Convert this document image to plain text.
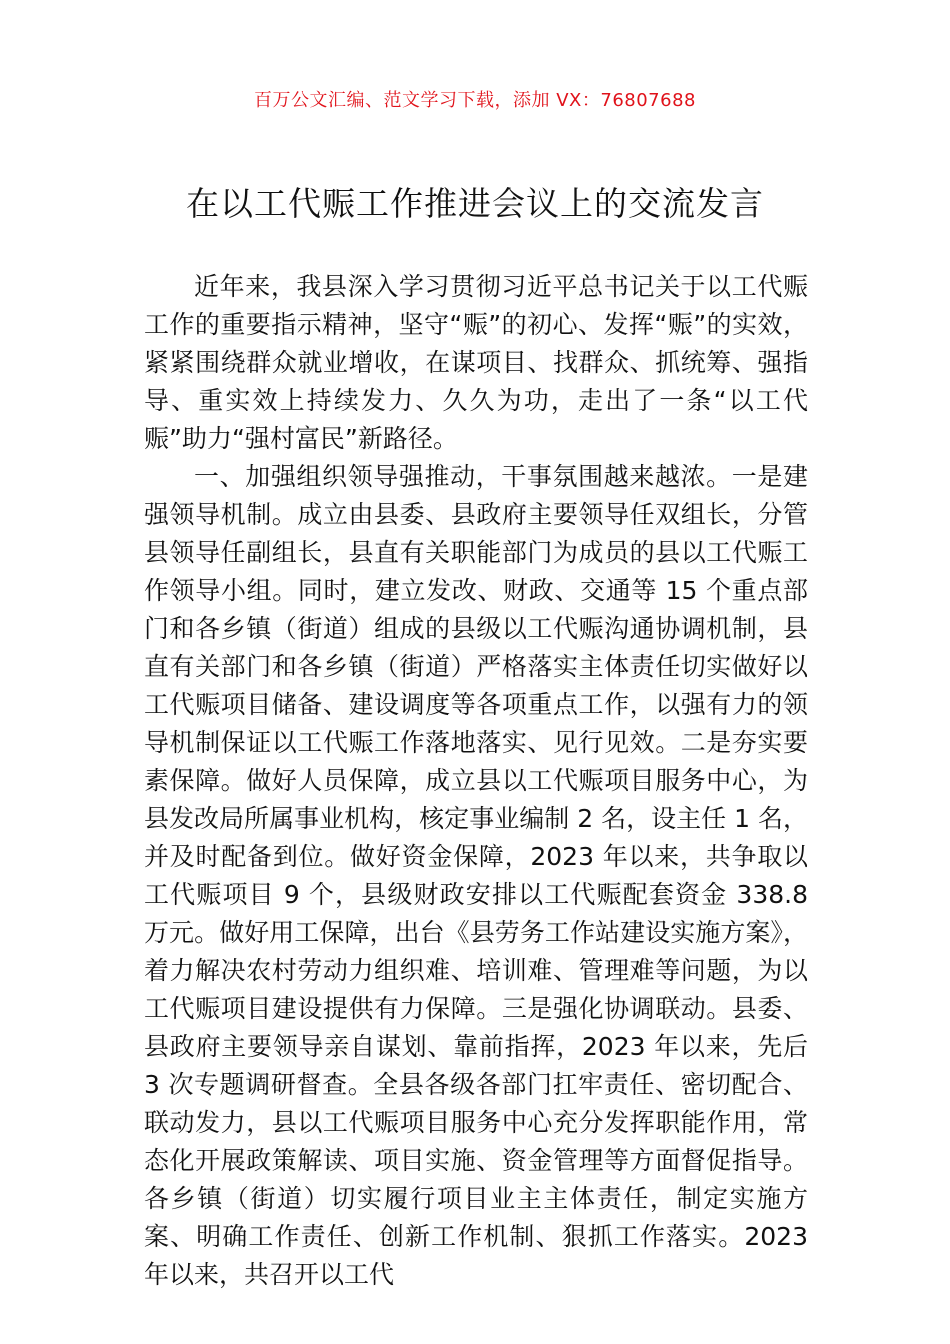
百万公文汇编、范文学习下载，添加 VX：76807688
在以工代赈工作推进会议上的交流发言

近年来，我县深入学习贯彻习近平总书记关于以工代赈工作的重要指示精神，坚守“赈”的初心、发挥“赈”的实效，紧紧围绕群众就业增收，在谋项目、找群众、抓统筹、强指导、重实效上持续发力、久久为功，走出了一条“以工代赈”助力“强村富民”新路径。

一、加强组织领导强推动，干事氛围越来越浓。一是建强领导机制。成立由县委、县政府主要领导任双组长，分管县领导任副组长，县直有关职能部门为成员的县以工代赈工作领导小组。同时，建立发改、财政、交通等 15 个重点部门和各乡镇（街道）组成的县级以工代赈沟通协调机制，县直有关部门和各乡镇（街道）严格落实主体责任切实做好以工代赈项目储备、建设调度等各项重点工作，以强有力的领导机制保证以工代赈工作落地落实、见行见效。二是夯实要素保障。做好人员保障，成立县以工代赈项目服务中心，为县发改局所属事业机构，核定事业编制 2 名，设主任 1 名，并及时配备到位。做好资金保障，2023 年以来，共争取以工代赈项目 9 个，县级财政安排以工代赈配套资金 338.8 万元。做好用工保障，出台《县劳务工作站建设实施方案》，着力解决农村劳动力组织难、培训难、管理难等问题，为以工代赈项目建设提供有力保障。三是强化协调联动。县委、县政府主要领导亲自谋划、靠前指挥，2023 年以来，先后 3 次专题调研督查。全县各级各部门扛牢责任、密切配合、联动发力，县以工代赈项目服务中心充分发挥职能作用，常态化开展政策解读、项目实施、资金管理等方面督促指导。各乡镇（街道）切实履行项目业主主体责任，制定实施方案、明确工作责任、创新工作机制、狠抓工作落实。2023 年以来，共召开以工代
